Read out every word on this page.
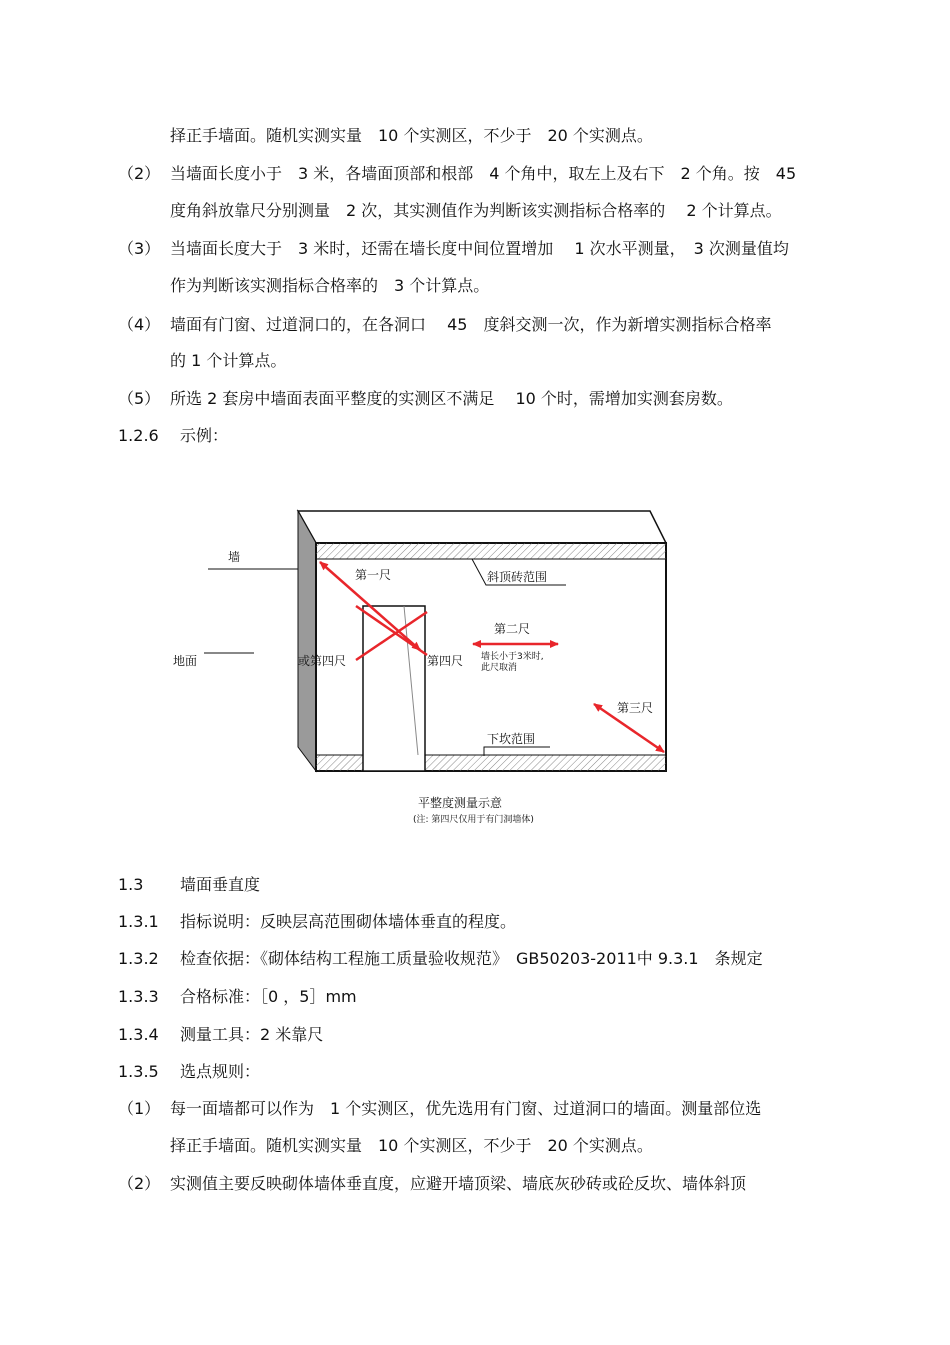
择正手墙面。随机实测实量　10 个实测区，不少于　20 个实测点。
（2） 当墙面长度小于　3 米，各墙面顶部和根部　4 个角中，取左上及右下　2 个角。按　45
度角斜放靠尺分别测量　2 次，其实测值作为判断该实测指标合格率的　 2 个计算点。
（3） 当墙面长度大于　3 米时，还需在墙长度中间位置增加　 1 次水平测量，　3 次测量值均
作为判断该实测指标合格率的　3 个计算点。
（4） 墙面有门窗、过道洞口的，在各洞口　 45　度斜交测一次，作为新增实测指标合格率
的 1 个计算点。
（5） 所选 2 套房中墙面表面平整度的实测区不满足　 10 个时，需增加实测套房数。
1.2.6 示例：
墙
地面
第一尺	斜顶砖范围
第二尺
墙长小于3米时,
此尺取消
或第四尺	第四尺
第三尺
下坎范围
平整度测量示意
(注: 第四尺仅用于有门洞墙体)
1.3 墙面垂直度
1.3.1 指标说明：反映层高范围砌体墙体垂直的程度。
1.3.2 检查依据：《砌体结构工程施工质量验收规范》　GB50203-2011中 9.3.1　条规定
1.3.3 合格标准：［0 ，5］mm
1.3.4 测量工具：2 米靠尺
1.3.5 选点规则：
（1） 每一面墙都可以作为　1 个实测区，优先选用有门窗、过道洞口的墙面。测量部位选
择正手墙面。随机实测实量　10 个实测区，不少于　20 个实测点。
（2） 实测值主要反映砌体墙体垂直度，应避开墙顶梁、墙底灰砂砖或砼反坎、墙体斜顶
